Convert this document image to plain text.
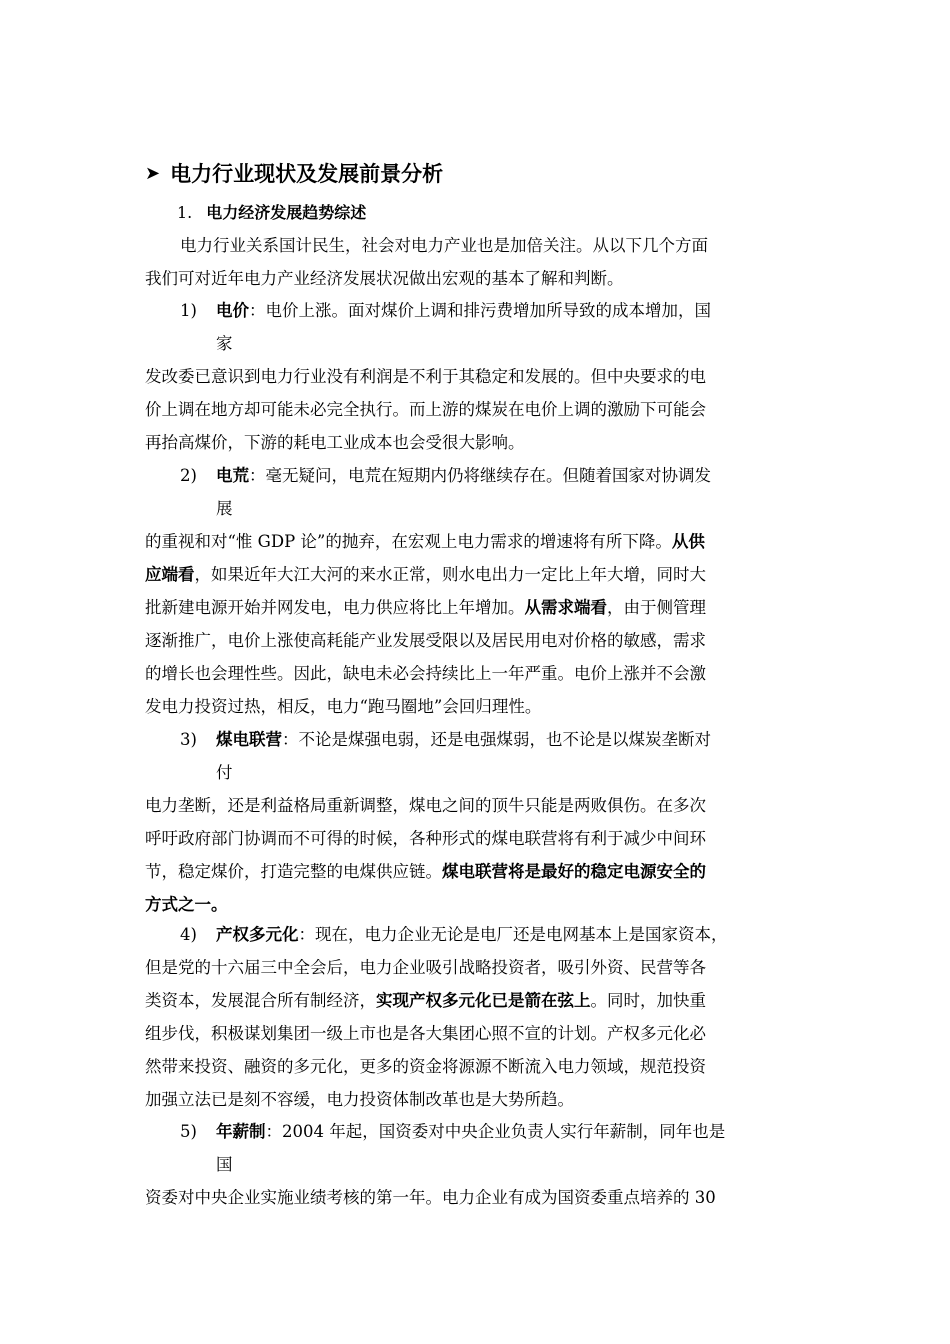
➤ 电力行业现状及发展前景分析
1. 电力经济发展趋势综述
电力行业关系国计民生，社会对电力产业也是加倍关注。从以下几个方面
我们可对近年电力产业经济发展状况做出宏观的基本了解和判断。
1) 电价：电价上涨。面对煤价上调和排污费增加所导致的成本增加，国
家
发改委已意识到电力行业没有利润是不利于其稳定和发展的。但中央要求的电
价上调在地方却可能未必完全执行。而上游的煤炭在电价上调的激励下可能会
再抬高煤价，下游的耗电工业成本也会受很大影响。
2) 电荒：毫无疑问，电荒在短期内仍将继续存在。但随着国家对协调发
展
的重视和对“惟 GDP 论”的抛弃，在宏观上电力需求的增速将有所下降。从供
应端看，如果近年大江大河的来水正常，则水电出力一定比上年大增，同时大
批新建电源开始并网发电，电力供应将比上年增加。从需求端看，由于侧管理
逐渐推广，电价上涨使高耗能产业发展受限以及居民用电对价格的敏感，需求
的增长也会理性些。因此，缺电未必会持续比上一年严重。电价上涨并不会激
发电力投资过热，相反，电力“跑马圈地”会回归理性。
3) 煤电联营：不论是煤强电弱，还是电强煤弱，也不论是以煤炭垄断对
付
电力垄断，还是利益格局重新调整，煤电之间的顶牛只能是两败俱伤。在多次
呼吁政府部门协调而不可得的时候，各种形式的煤电联营将有利于减少中间环
节，稳定煤价，打造完整的电煤供应链。煤电联营将是最好的稳定电源安全的
方式之一。
4) 产权多元化：现在，电力企业无论是电厂还是电网基本上是国家资本，
但是党的十六届三中全会后，电力企业吸引战略投资者，吸引外资、民营等各
类资本，发展混合所有制经济，实现产权多元化已是箭在弦上。同时，加快重
组步伐，积极谋划集团一级上市也是各大集团心照不宣的计划。产权多元化必
然带来投资、融资的多元化，更多的资金将源源不断流入电力领域，规范投资
加强立法已是刻不容缓，电力投资体制改革也是大势所趋。
5) 年薪制：2004 年起，国资委对中央企业负责人实行年薪制，同年也是
国
资委对中央企业实施业绩考核的第一年。电力企业有成为国资委重点培养的 30
